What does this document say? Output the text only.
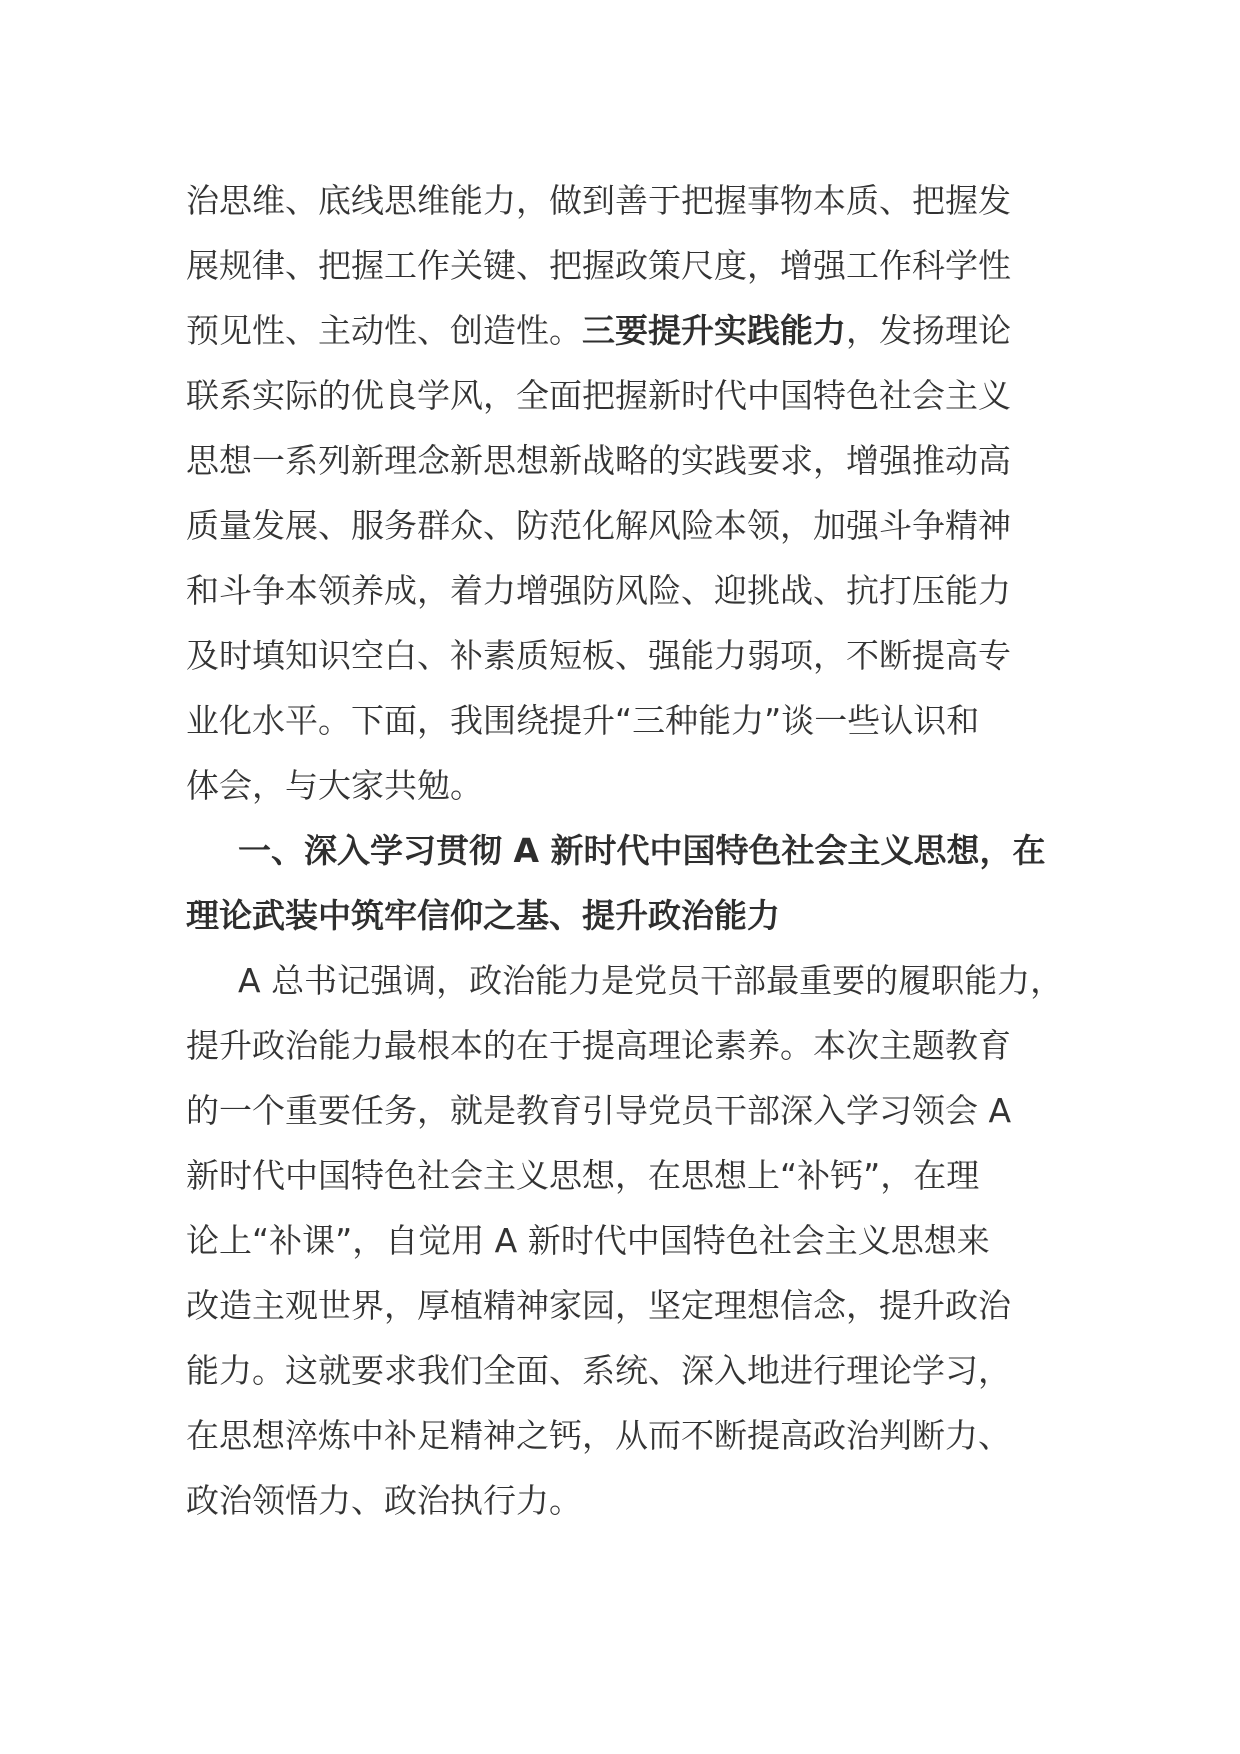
治思维、底线思维能力，做到善于把握事物本质、把握发
展规律、把握工作关键、把握政策尺度，增强工作科学性
预见性、主动性、创造性。三要提升实践能力，发扬理论
联系实际的优良学风，全面把握新时代中国特色社会主义
思想一系列新理念新思想新战略的实践要求，增强推动高
质量发展、服务群众、防范化解风险本领，加强斗争精神
和斗争本领养成，着力增强防风险、迎挑战、抗打压能力
及时填知识空白、补素质短板、强能力弱项，不断提高专
业化水平。下面，我围绕提升“三种能力”谈一些认识和
体会，与大家共勉。
一、深入学习贯彻 A 新时代中国特色社会主义思想，在
理论武装中筑牢信仰之基、提升政治能力
A 总书记强调，政治能力是党员干部最重要的履职能力，
提升政治能力最根本的在于提高理论素养。本次主题教育
的一个重要任务，就是教育引导党员干部深入学习领会 A
新时代中国特色社会主义思想，在思想上“补钙”，在理
论上“补课”，自觉用 A 新时代中国特色社会主义思想来
改造主观世界，厚植精神家园，坚定理想信念，提升政治
能力。这就要求我们全面、系统、深入地进行理论学习，
在思想淬炼中补足精神之钙，从而不断提高政治判断力、
政治领悟力、政治执行力。
